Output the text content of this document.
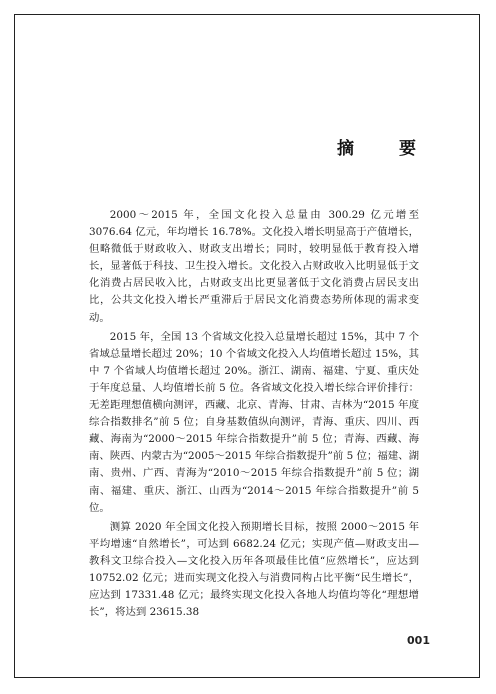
摘　要

2000～2015 年，全国文化投入总量由 300.29 亿元增至 3076.64 亿元，年均增长 16.78%。文化投入增长明显高于产值增长，但略微低于财政收入、财政支出增长；同时，较明显低于教育投入增长，显著低于科技、卫生投入增长。文化投入占财政收入比明显低于文化消费占居民收入比，占财政支出比更显著低于文化消费占居民支出比，公共文化投入增长严重滞后于居民文化消费态势所体现的需求变动。

2015 年，全国 13 个省域文化投入总量增长超过 15%，其中 7 个省域总量增长超过 20%；10 个省域文化投入人均值增长超过 15%，其中 7 个省域人均值增长超过 20%。浙江、湖南、福建、宁夏、重庆处于年度总量、人均值增长前 5 位。各省域文化投入增长综合评价排行：无差距理想值横向测评，西藏、北京、青海、甘肃、吉林为“2015 年度综合指数排名”前 5 位；自身基数值纵向测评，青海、重庆、四川、西藏、海南为“2000～2015 年综合指数提升”前 5 位；青海、西藏、海南、陕西、内蒙古为“2005～2015 年综合指数提升”前 5 位；福建、湖南、贵州、广西、青海为“2010～2015 年综合指数提升”前 5 位；湖南、福建、重庆、浙江、山西为“2014～2015 年综合指数提升”前 5 位。

测算 2020 年全国文化投入预期增长目标，按照 2000～2015 年平均增速“自然增长”，可达到 6682.24 亿元；实现产值—财政支出—教科文卫综合投入—文化投入历年各项最佳比值“应然增长”，应达到 10752.02 亿元；进而实现文化投入与消费同构占比平衡“民生增长”，应达到 17331.48 亿元；最终实现文化投入各地人均值均等化“理想增长”，将达到 23615.38

001
